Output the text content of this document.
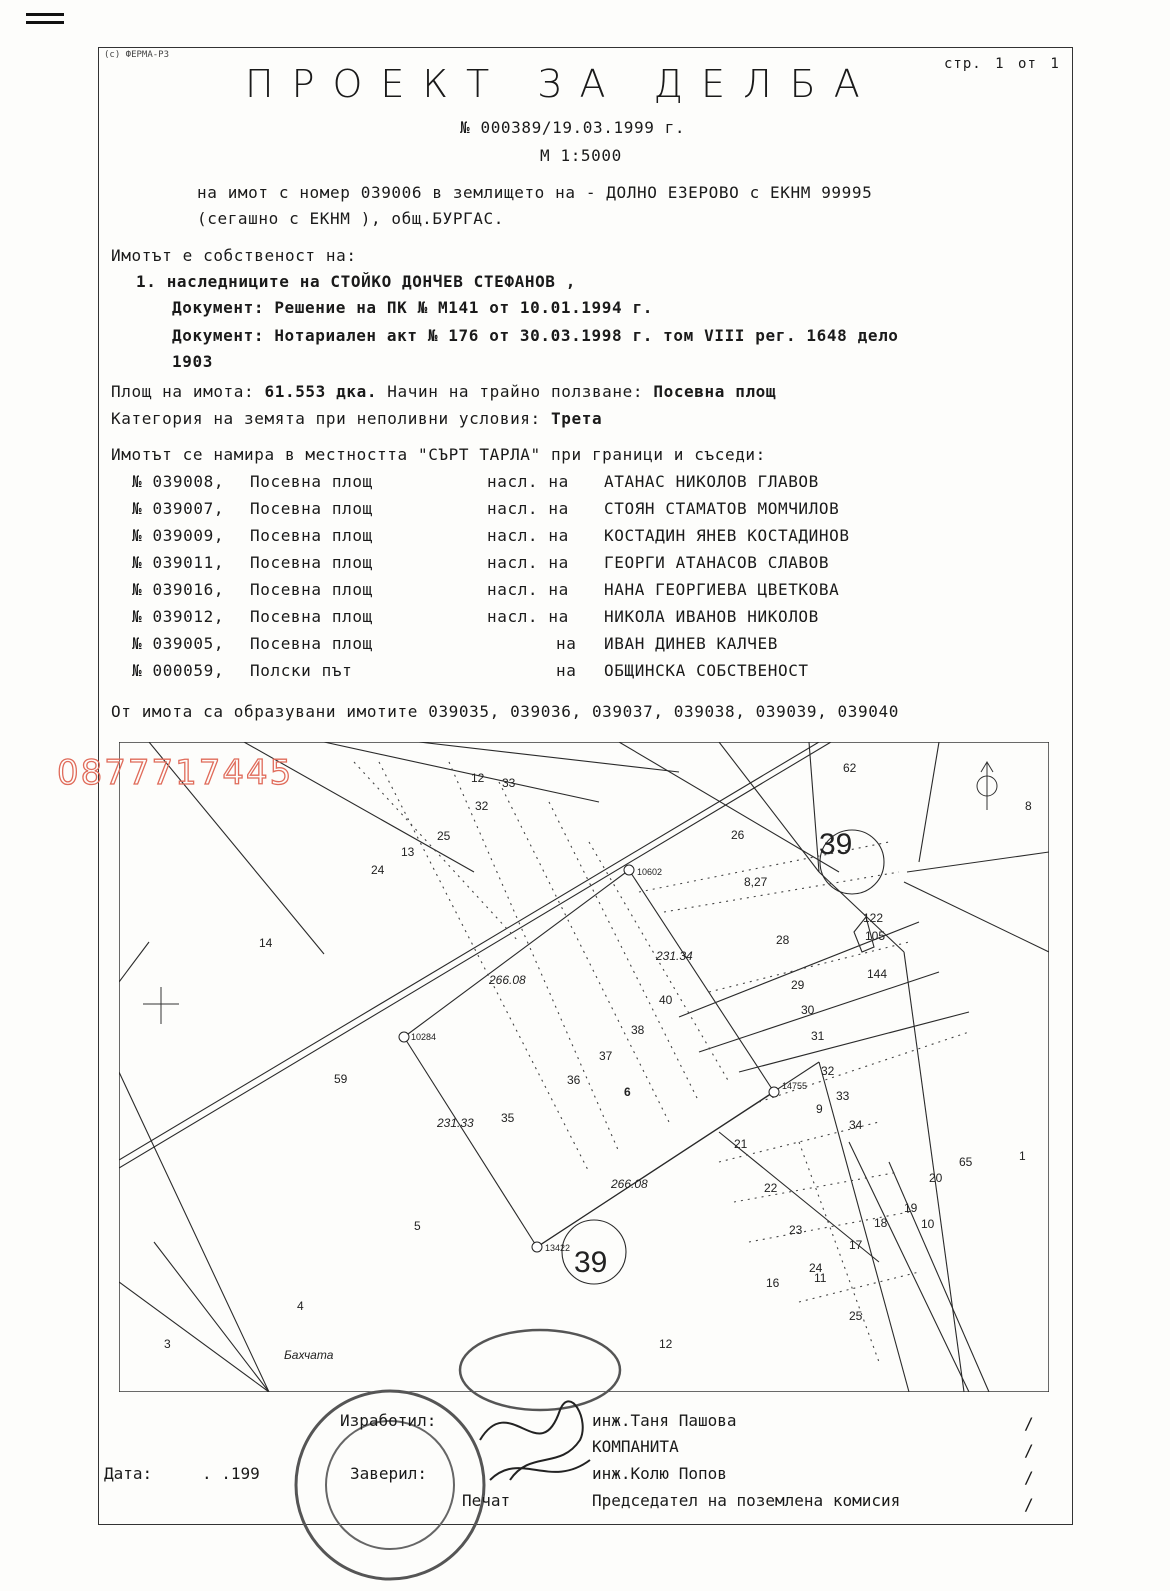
(c) ФЕРМА-РЗ
ПРОЕКТ ЗА ДЕЛБА	стр. 1 от 1
№ 000389/19.03.1999 г.
М 1:5000
на имот с номер 039006 в землището на - ДОЛНО ЕЗЕРОВО с ЕКНМ 99995
(сегашно с ЕКНМ ), общ.БУРГАС.
Имотът е собственост на:
1. наследниците на СТОЙКО ДОНЧЕВ СТЕФАНОВ ,
Документ: Решение на ПК № М141 от 10.01.1994 г.
Документ: Нотариален акт № 176 от 30.03.1998 г. том VIII рег. 1648 дело
1903
Площ на имота: 61.553 дка. Начин на трайно ползване: Посевна площ
Категория на земята при неполивни условия: Трета
Имотът се намира в местността "СЪРТ ТАРЛА" при граници и съседи:
№ 039008, Посевна площ	насл. на АТАНАС НИКОЛОВ ГЛАВОВ
№ 039007, Посевна площ	насл. на СТОЯН СТАМАТОВ МОМЧИЛОВ
№ 039009, Посевна площ	насл. на КОСТАДИН ЯНЕВ КОСТАДИНОВ
№ 039011, Посевна площ	насл. на ГЕОРГИ АТАНАСОВ СЛАВОВ
№ 039016, Посевна площ	насл. на НАНА ГЕОРГИЕВА ЦВЕТКОВА
№ 039012, Посевна площ	насл. на НИКОЛА ИВАНОВ НИКОЛОВ
№ 039005, Посевна площ	на ИВАН ДИНЕВ КАЛЧЕВ
№ 000059, Полски път	на ОБЩИНСКА СОБСТВЕНОСТ
От имота са образувани имотите 039035, 039036, 039037, 039038, 039039, 039040
12 33
32
25
13
24
14
26
8,27
28
29
30
31
32
33
34
62
8
39
122
105
144
40
38
37
36
35
6
59
231.33
231.34
266.08
266.08
9
21
22
23
24
25
20
19
18	10
17
16	11
65	1
5
4
3	12
39
Бахчата
10602
10284
14755
13422
0877717445
Изработил:	инж.Таня Пашова
КОМПАНИТА
Дата:	. .199	Заверил:	инж.Колю Попов
Печат	Председател на поземлена комисия
/
/
/
/
